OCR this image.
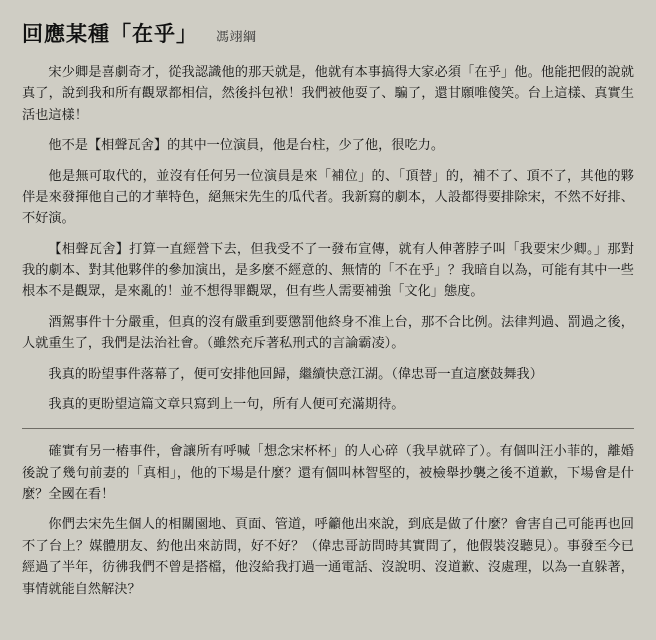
回應某種「在乎」 馮翊綱

宋少卿是喜劇奇才，從我認識他的那天就是，他就有本事搞得大家必須「在乎」他。他能把假的說就真了，說到我和所有觀眾都相信，然後抖包袱！我們被他耍了、騙了，還甘願唯傻笑。台上這樣、真實生活也這樣！

他不是【相聲瓦舍】的其中一位演員，他是台柱，少了他，很吃力。

他是無可取代的，並沒有任何另一位演員是來「補位」的、「頂替」的，補不了、頂不了，其他的夥伴是來發揮他自己的才華特色，絕無宋先生的瓜代者。我新寫的劇本，人設都得要排除宋，不然不好排、不好演。

【相聲瓦舍】打算一直經營下去，但我受不了一發布宣傳，就有人伸著脖子叫「我要宋少卿。」那對我的劇本、對其他夥伴的參加演出，是多麼不經意的、無情的「不在乎」？我暗自以為，可能有其中一些根本不是觀眾，是來亂的！並不想得罪觀眾，但有些人需要補強「文化」態度。

酒駕事件十分嚴重，但真的沒有嚴重到要懲罰他終身不准上台，那不合比例。法律判過、罰過之後，人就重生了，我們是法治社會。（雖然充斥著私刑式的言論霸凌）。

我真的盼望事件落幕了，便可安排他回歸，繼續快意江湖。（偉忠哥一直這麼鼓舞我）

我真的更盼望這篇文章只寫到上一句，所有人便可充滿期待。

確實有另一樁事件，會讓所有呼喊「想念宋杯杯」的人心碎（我早就碎了）。有個叫汪小菲的，離婚後說了幾句前妻的「真相」，他的下場是什麼？還有個叫林智堅的，被檢舉抄襲之後不道歉，下場會是什麼？全國在看！

你們去宋先生個人的相關園地、頁面、管道，呼籲他出來說，到底是做了什麼？會害自己可能再也回不了台上？媒體朋友、約他出來訪問，好不好？（偉忠哥訪問時其實問了，他假裝沒聽見）。事發至今已經過了半年，彷彿我們不曾是搭檔，他沒給我打過一通電話、沒說明、沒道歉、沒處理，以為一直躲著，事情就能自然解決？
